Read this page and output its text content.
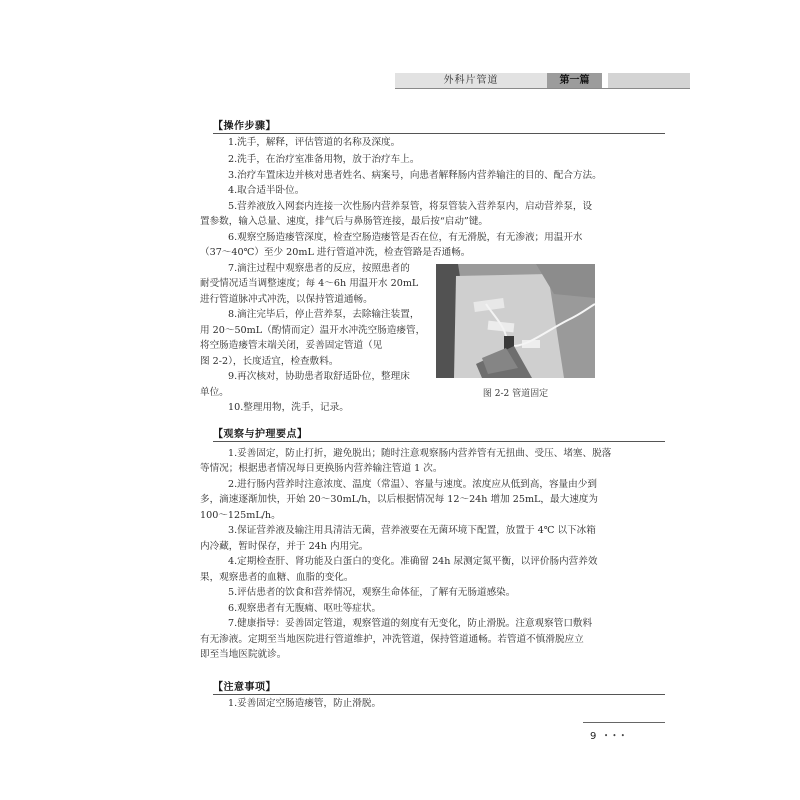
外科片管道	第一篇
【操作步骤】
1.洗手，解释，评估管道的名称及深度。
2.洗手，在治疗室准备用物，放于治疗车上。
3.治疗车置床边并核对患者姓名、病案号，向患者解释肠内营养输注的目的、配合方法。
4.取合适半卧位。
5.营养液放入网套内连接一次性肠内营养泵管，将泵管装入营养泵内，启动营养泵，设
置参数，输入总量、速度，排气后与鼻肠管连接，最后按“启动”键。
6.观察空肠造瘘管深度，检查空肠造瘘管是否在位，有无滑脱，有无渗液；用温开水
（37～40℃）至少 20mL 进行管道冲洗，检查管路是否通畅。
7.滴注过程中观察患者的反应，按照患者的
耐受情况适当调整速度；每 4～6h 用温开水 20mL
进行管道脉冲式冲洗，以保持管道通畅。
8.滴注完毕后，停止营养泵，去除输注装置，
用 20～50mL（酌情而定）温开水冲洗空肠造瘘管，
将空肠造瘘管末端关闭，妥善固定管道（见
图 2-2），长度适宜，检查敷料。
9.再次核对，协助患者取舒适卧位，整理床
单位。
10.整理用物，洗手，记录。
图 2-2 管道固定
【观察与护理要点】
1.妥善固定，防止打折，避免脱出；随时注意观察肠内营养管有无扭曲、受压、堵塞、脱落
等情况；根据患者情况每日更换肠内营养输注管道 1 次。
2.进行肠内营养时注意浓度、温度（常温）、容量与速度。浓度应从低到高，容量由少到
多，滴速逐渐加快，开始 20～30mL/h，以后根据情况每 12～24h 增加 25mL，最大速度为
100～125mL/h。
3.保证营养液及输注用具清洁无菌，营养液要在无菌环境下配置，放置于 4℃ 以下冰箱
内冷藏，暂时保存，并于 24h 内用完。
4.定期检查肝、肾功能及白蛋白的变化。准确留 24h 尿测定氮平衡，以评价肠内营养效
果，观察患者的血糖、血脂的变化。
5.评估患者的饮食和营养情况，观察生命体征，了解有无肠道感染。
6.观察患者有无腹痛、呕吐等症状。
7.健康指导：妥善固定管道，观察管道的刻度有无变化，防止滑脱。注意观察管口敷料
有无渗液。定期至当地医院进行管道维护，冲洗管道，保持管道通畅。若管道不慎滑脱应立
即至当地医院就诊。
【注意事项】
1.妥善固定空肠造瘘管，防止滑脱。
9 • • •
